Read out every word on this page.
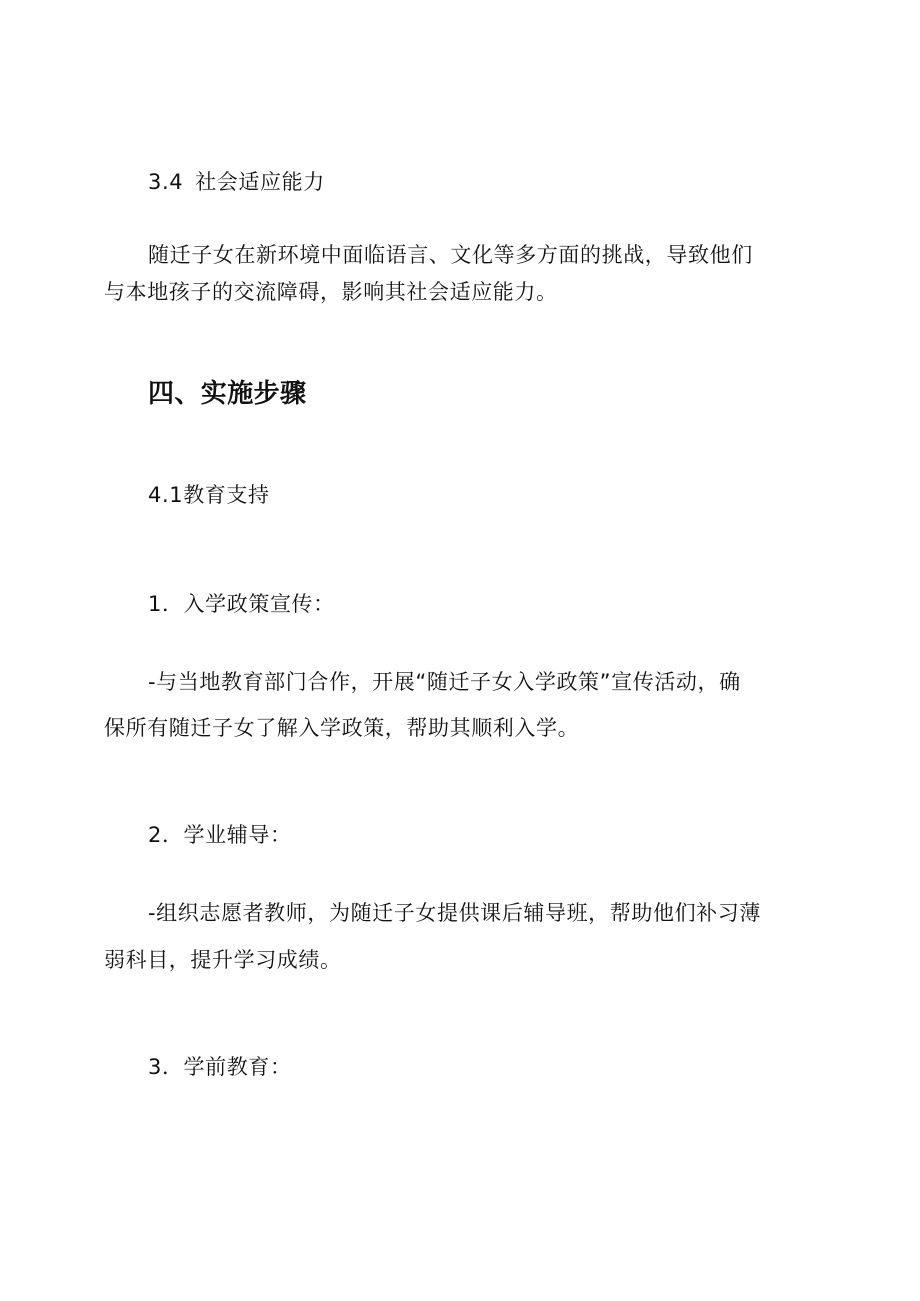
3.4 社会适应能力
随迁子女在新环境中面临语言、文化等多方面的挑战，导致他们
与本地孩子的交流障碍，影响其社会适应能力。
四、实施步骤
4.1教育支持
1．入学政策宣传：
-与当地教育部门合作，开展“随迁子女入学政策”宣传活动，确
保所有随迁子女了解入学政策，帮助其顺利入学。
2．学业辅导：
-组织志愿者教师，为随迁子女提供课后辅导班，帮助他们补习薄
弱科目，提升学习成绩。
3．学前教育：
